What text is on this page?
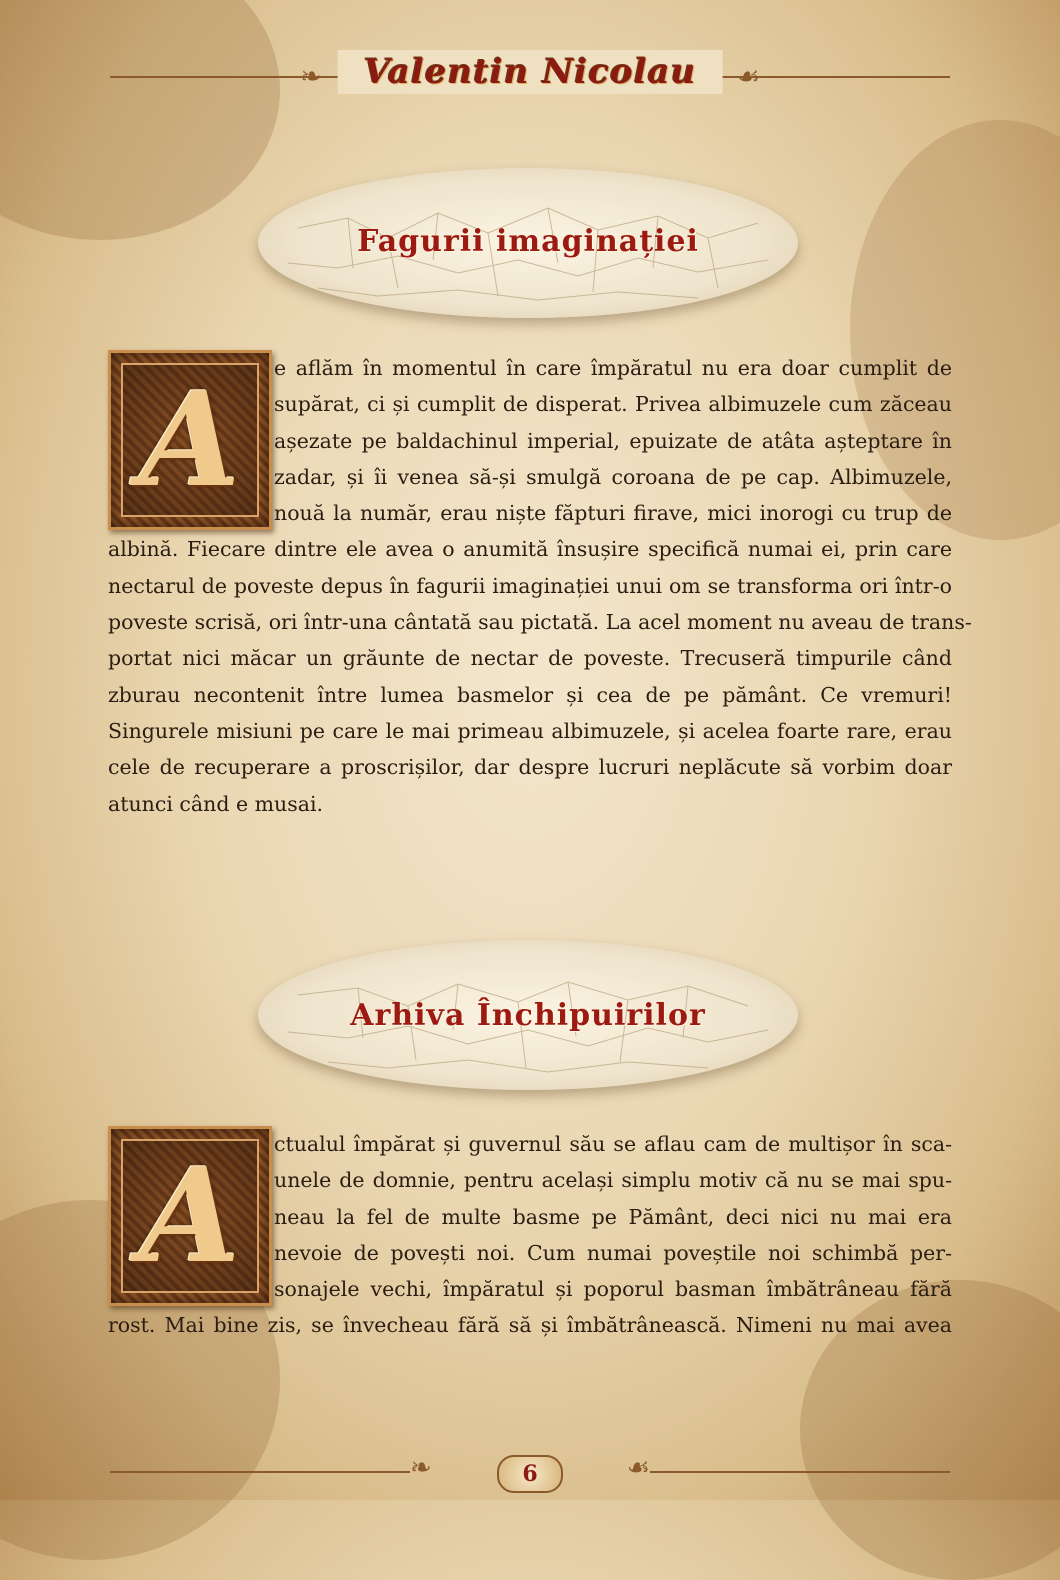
❧	☙
Valentin Nicolau
Fagurii imaginației
A	e aflăm în momentul în care împăratul nu era doar cumplit de
supărat, ci și cumplit de disperat. Privea albimuzele cum zăceau
așezate pe baldachinul imperial, epuizate de atâta așteptare în
zadar, și îi venea să-și smulgă coroana de pe cap. Albimuzele,
nouă la număr, erau niște făpturi firave, mici inorogi cu trup de
albină. Fiecare dintre ele avea o anumită însușire specifică numai ei, prin care
nectarul de poveste depus în fagurii imaginației unui om se transforma ori într-o
poveste scrisă, ori într-una cântată sau pictată. La acel moment nu aveau de trans-
portat nici măcar un grăunte de nectar de poveste. Trecuseră timpurile când
zburau necontenit între lumea basmelor și cea de pe pământ. Ce vremuri!
Singurele misiuni pe care le mai primeau albimuzele, și acelea foarte rare, erau
cele de recuperare a proscrișilor, dar despre lucruri neplăcute să vorbim doar
atunci când e musai.
Arhiva Închipuirilor
A	ctualul împărat și guvernul său se aflau cam de multișor în sca-
unele de domnie, pentru același simplu motiv că nu se mai spu-
neau la fel de multe basme pe Pământ, deci nici nu mai era
nevoie de povești noi. Cum numai poveștile noi schimbă per-
sonajele vechi, împăratul și poporul basman îmbătrâneau fără
rost. Mai bine zis, se învecheau fără să și îmbătrânească. Nimeni nu mai avea
❧	☙
6
